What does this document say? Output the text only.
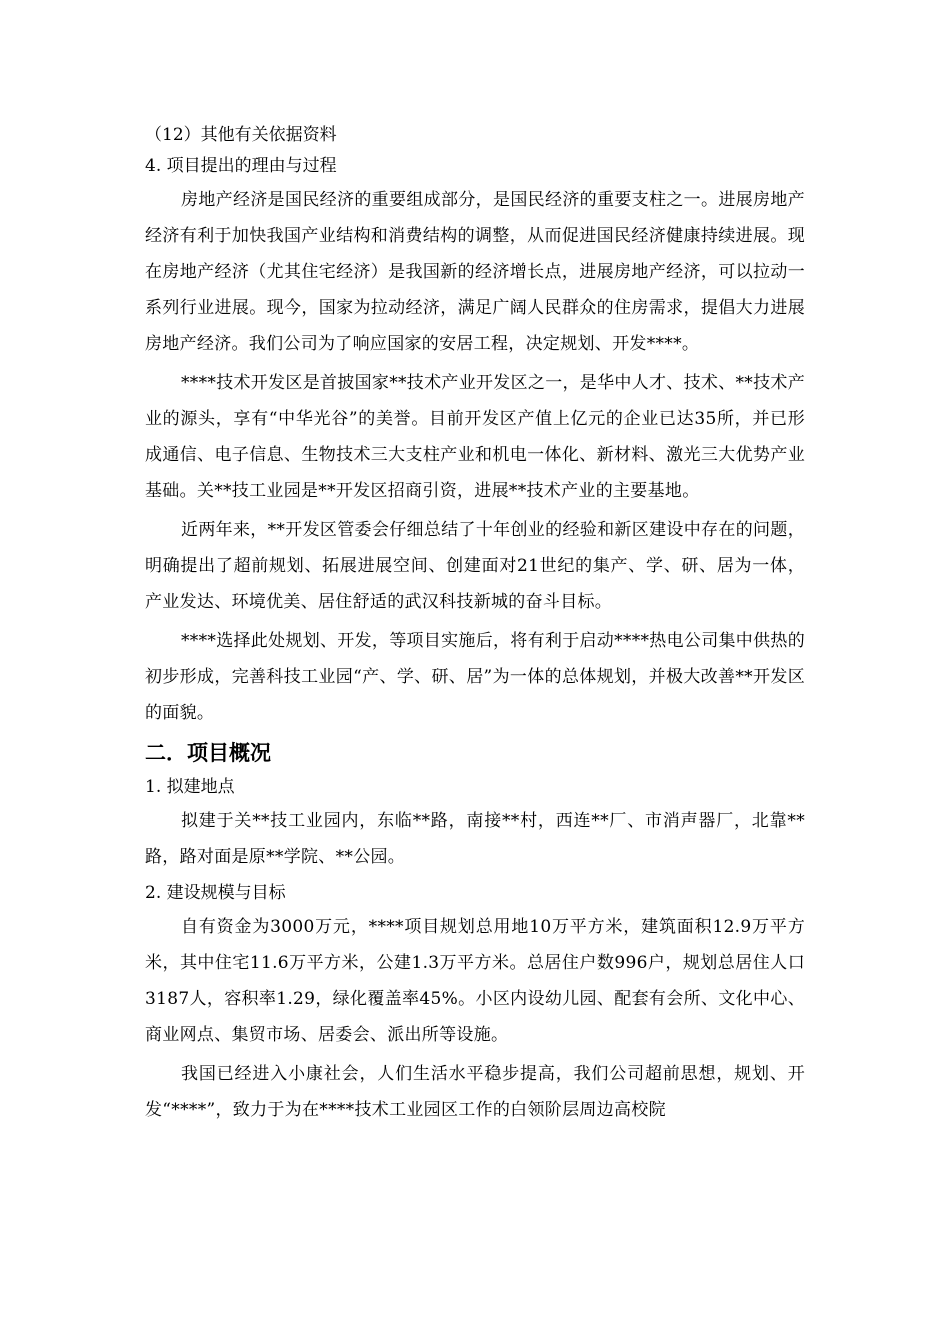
（12）其他有关依据资料

4. 项目提出的理由与过程

房地产经济是国民经济的重要组成部分，是国民经济的重要支柱之一。进展房地产经济有利于加快我国产业结构和消费结构的调整，从而促进国民经济健康持续进展。现在房地产经济（尤其住宅经济）是我国新的经济增长点，进展房地产经济，可以拉动一系列行业进展。现今，国家为拉动经济，满足广阔人民群众的住房需求，提倡大力进展房地产经济。我们公司为了响应国家的安居工程，决定规划、开发****。

****技术开发区是首披国家**技术产业开发区之一，是华中人才、技术、**技术产业的源头，享有“中华光谷”的美誉。目前开发区产值上亿元的企业已达35所，并已形成通信、电子信息、生物技术三大支柱产业和机电一体化、新材料、激光三大优势产业基础。关**技工业园是**开发区招商引资，进展**技术产业的主要基地。

近两年来，**开发区管委会仔细总结了十年创业的经验和新区建设中存在的问题，明确提出了超前规划、拓展进展空间、创建面对21世纪的集产、学、研、居为一体，产业发达、环境优美、居住舒适的武汉科技新城的奋斗目标。

****选择此处规划、开发，等项目实施后，将有利于启动****热电公司集中供热的初步形成，完善科技工业园“产、学、研、居”为一体的总体规划，并极大改善**开发区的面貌。

二．项目概况

1. 拟建地点

拟建于关**技工业园内，东临**路，南接**村，西连**厂、市消声器厂，北靠**路，路对面是原**学院、**公园。

2. 建设规模与目标

自有资金为3000万元，****项目规划总用地10万平方米，建筑面积12.9万平方米，其中住宅11.6万平方米，公建1.3万平方米。总居住户数996户，规划总居住人口3187人，容积率1.29，绿化覆盖率45%。小区内设幼儿园、配套有会所、文化中心、商业网点、集贸市场、居委会、派出所等设施。

我国已经进入小康社会，人们生活水平稳步提高，我们公司超前思想，规划、开发“****”，致力于为在****技术工业园区工作的白领阶层周边高校院
